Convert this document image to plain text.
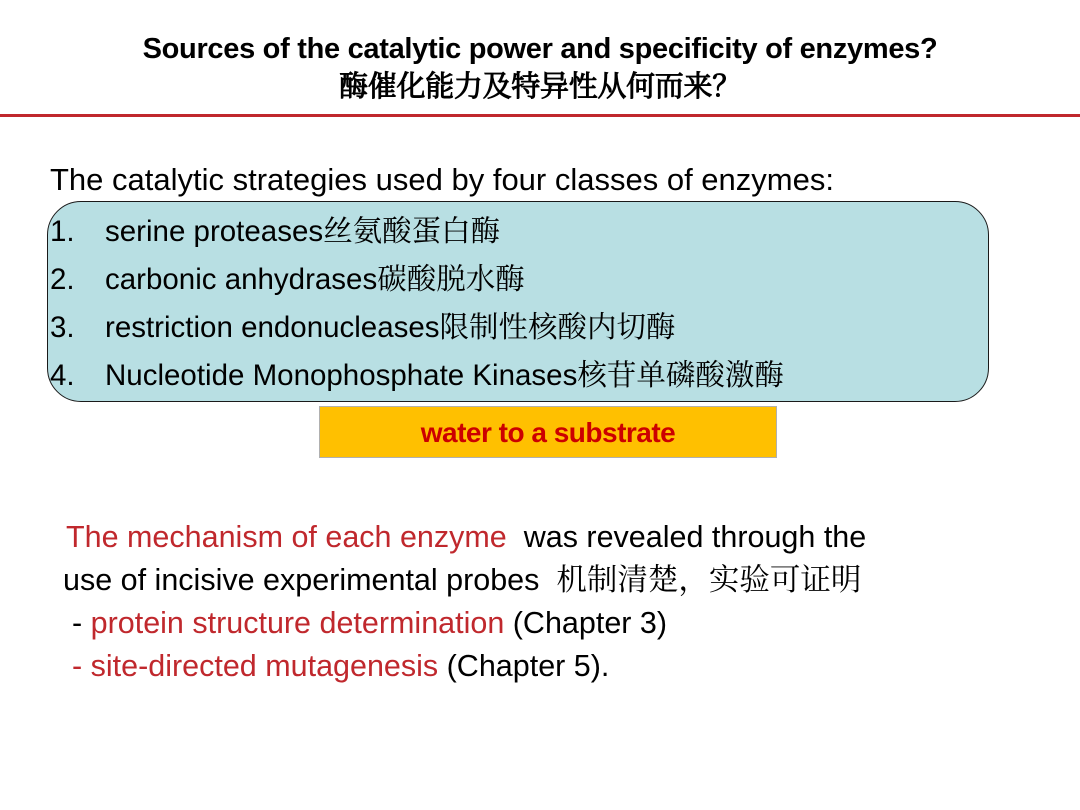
Sources of the catalytic power and specificity of enzymes?
酶催化能力及特异性从何而来？
The catalytic strategies used by four classes of enzymes:
1.	serine proteases丝氨酸蛋白酶
2.	carbonic anhydrases碳酸脱水酶
3.	restriction endonucleases限制性核酸内切酶
4.	Nucleotide Monophosphate Kinases核苷单磷酸激酶
water to a substrate
The mechanism of each enzyme  was revealed through the
use of incisive experimental probes  机制清楚，实验可证明
- protein structure determination (Chapter 3)
- site-directed mutagenesis (Chapter 5).
